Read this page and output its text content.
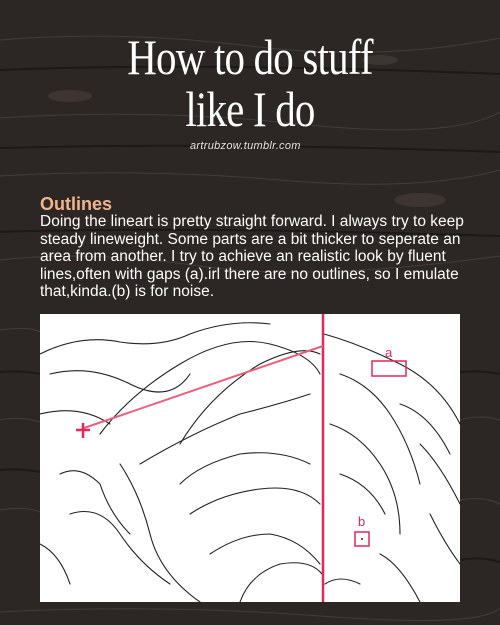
How to do stuff
like I do
artrubzow.tumblr.com
Outlines
Doing the lineart is pretty straight forward. I always try to keep steady lineweight. Some parts are a bit thicker to seperate an area from another. I try to achieve an realistic look by fluent lines,often with gaps (a).irl there are no outlines, so I emulate that,kinda.(b) is for noise.
a
b
